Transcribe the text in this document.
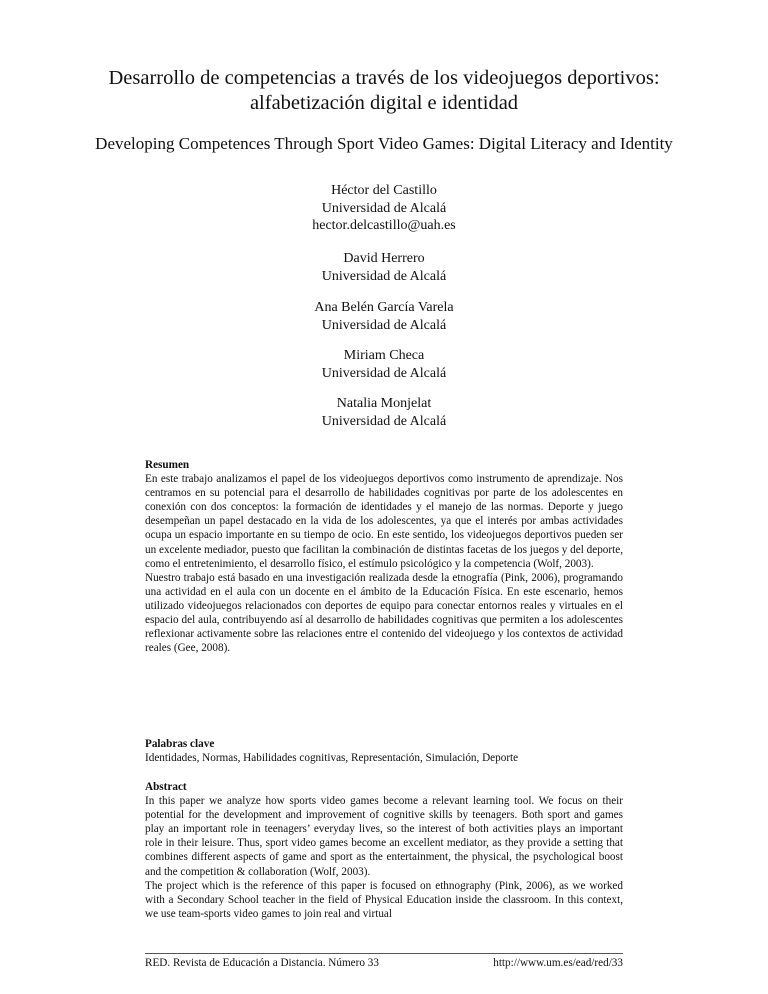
Desarrollo de competencias a través de los videojuegos deportivos: alfabetización digital e identidad
Developing Competences Through Sport Video Games: Digital Literacy and Identity
Héctor del Castillo
Universidad de Alcalá
hector.delcastillo@uah.es
David Herrero
Universidad de Alcalá
Ana Belén García Varela
Universidad de Alcalá
Miriam Checa
Universidad de Alcalá
Natalia Monjelat
Universidad de Alcalá
Resumen

En este trabajo analizamos el papel de los videojuegos deportivos como instrumento de aprendizaje. Nos centramos en su potencial para el desarrollo de habilidades cognitivas por parte de los adolescentes en conexión con dos conceptos: la formación de identidades y el manejo de las normas. Deporte y juego desempeñan un papel destacado en la vida de los adolescentes, ya que el interés por ambas actividades ocupa un espacio importante en su tiempo de ocio. En este sentido, los videojuegos deportivos pueden ser un excelente mediador, puesto que facilitan la combinación de distintas facetas de los juegos y del deporte, como el entretenimiento, el desarrollo físico, el estímulo psicológico y la competencia (Wolf, 2003).

Nuestro trabajo está basado en una investigación realizada desde la etnografía (Pink, 2006), programando una actividad en el aula con un docente en el ámbito de la Educación Física. En este escenario, hemos utilizado videojuegos relacionados con deportes de equipo para conectar entornos reales y virtuales en el espacio del aula, contribuyendo así al desarrollo de habilidades cognitivas que permiten a los adolescentes reflexionar activamente sobre las relaciones entre el contenido del videojuego y los contextos de actividad reales (Gee, 2008).

Palabras clave

Identidades, Normas, Habilidades cognitivas, Representación, Simulación, Deporte

Abstract

In this paper we analyze how sports video games become a relevant learning tool. We focus on their potential for the development and improvement of cognitive skills by teenagers. Both sport and games play an important role in teenagers’ everyday lives, so the interest of both activities plays an important role in their leisure. Thus, sport video games become an excellent mediator, as they provide a setting that combines different aspects of game and sport as the entertainment, the physical, the psychological boost and the competition & collaboration (Wolf, 2003).

The project which is the reference of this paper is focused on ethnography (Pink, 2006), as we worked with a Secondary School teacher in the field of Physical Education inside the classroom. In this context, we use team-sports video games to join real and virtual

RED. Revista de Educación a Distancia. Número 33	http://www.um.es/ead/red/33
